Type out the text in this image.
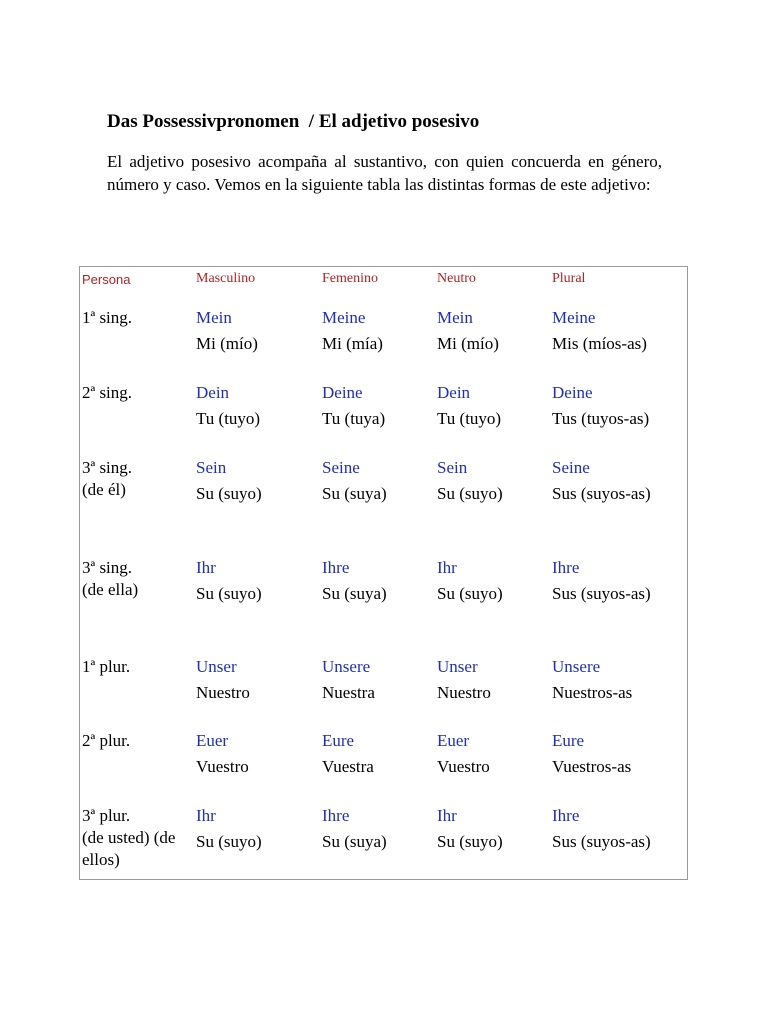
Das Possessivpronomen  / El adjetivo posesivo
El adjetivo posesivo acompaña al sustantivo, con quien concuerda en género, número y caso. Vemos en la siguiente tabla las distintas formas de este adjetivo:
Persona	Masculino	Femenino	Neutro	Plural
1ª sing.	Mein	Meine	Mein	Meine
Mi (mío)	Mi (mía)	Mi (mío)	Mis (míos-as)
2ª sing.	Dein	Deine	Dein	Deine
Tu (tuyo)	Tu (tuya)	Tu (tuyo)	Tus (tuyos-as)
3ª sing.
(de él)
Sein	Seine	Sein	Seine
Su (suyo)	Su (suya)	Su (suyo)	Sus (suyos-as)
3ª sing.
(de ella)
Ihr	Ihre	Ihr	Ihre
Su (suyo)	Su (suya)	Su (suyo)	Sus (suyos-as)
1ª plur.	Unser	Unsere	Unser	Unsere
Nuestro	Nuestra	Nuestro	Nuestros-as
2ª plur.	Euer	Eure	Euer	Eure
Vuestro	Vuestra	Vuestro	Vuestros-as
3ª plur.
(de usted) (de
ellos)
Ihr	Ihre	Ihr	Ihre
Su (suyo)	Su (suya)	Su (suyo)	Sus (suyos-as)
